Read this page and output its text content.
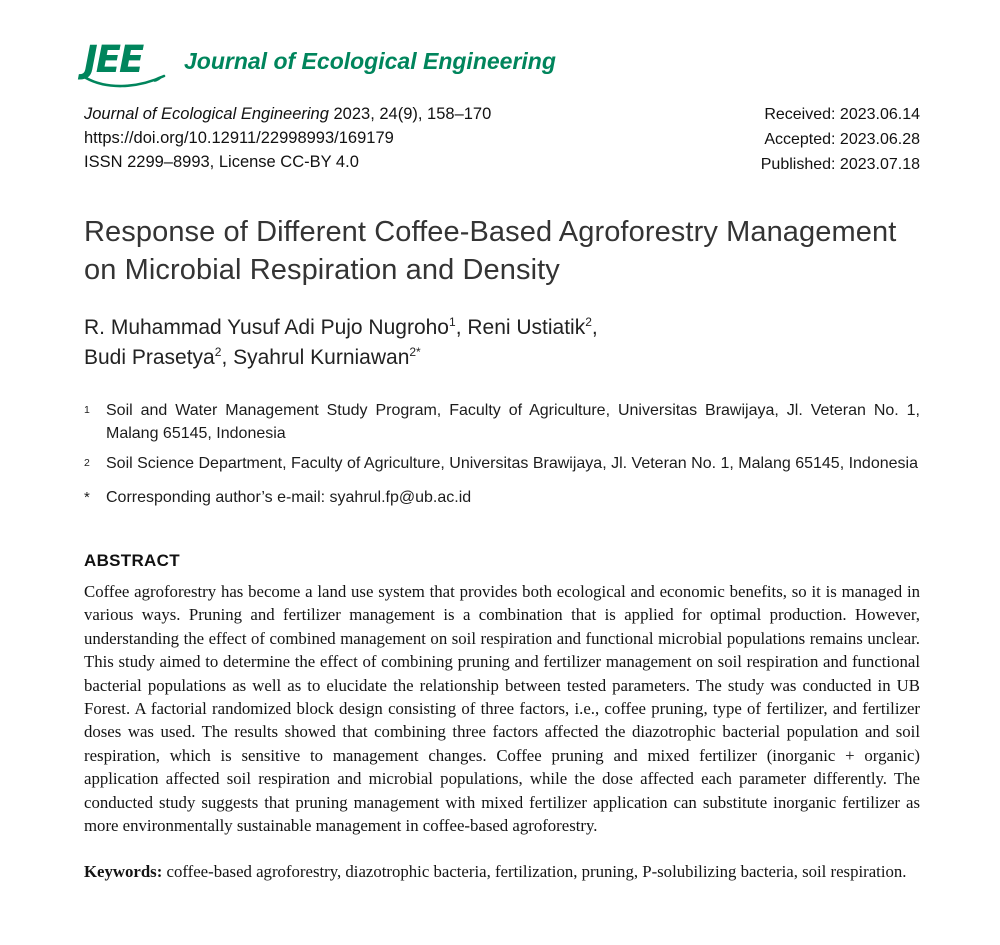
JEE	Journal of Ecological Engineering
Journal of Ecological Engineering 2023, 24(9), 158–170
https://doi.org/10.12911/22998993/169179
ISSN 2299–8993, License CC-BY 4.0
Received: 2023.06.14
Accepted: 2023.06.28
Published: 2023.07.18
Response of Different Coffee-Based Agroforestry Management
on Microbial Respiration and Density
R. Muhammad Yusuf Adi Pujo Nugroho$^1$, Reni Ustiatik$^2$,
Budi Prasetya$^2$, Syahrul Kurniawan$^{2*}$
$^1$	Soil and Water Management Study Program, Faculty of Agriculture, Universitas Brawijaya, Jl. Veteran No. 1, Malang 65145, Indonesia
$^2$	Soil Science Department, Faculty of Agriculture, Universitas Brawijaya, Jl. Veteran No. 1, Malang 65145, Indonesia
*	Corresponding author’s e-mail: syahrul.fp@ub.ac.id
ABSTRACT

Coffee agroforestry has become a land use system that provides both ecological and economic benefits, so it is managed in various ways. Pruning and fertilizer management is a combination that is applied for optimal production. However, understanding the effect of combined management on soil respiration and functional microbial populations remains unclear. This study aimed to determine the effect of combining pruning and fertilizer management on soil respiration and functional bacterial populations as well as to elucidate the relationship between tested parameters. The study was conducted in UB Forest. A factorial randomized block design consisting of three factors, i.e., coffee pruning, type of fertilizer, and fertilizer doses was used. The results showed that combining three factors affected the diazotrophic bacterial population and soil respiration, which is sensitive to management changes. Coffee pruning and mixed fertilizer (inorganic + organic) application affected soil respiration and microbial populations, while the dose affected each parameter differently. The conducted study suggests that pruning management with mixed fertilizer application can substitute inorganic fertilizer as more environmentally sustainable management in coffee-based agroforestry.

Keywords: coffee-based agroforestry, diazotrophic bacteria, fertilization, pruning, P-solubilizing bacteria, soil respiration.
